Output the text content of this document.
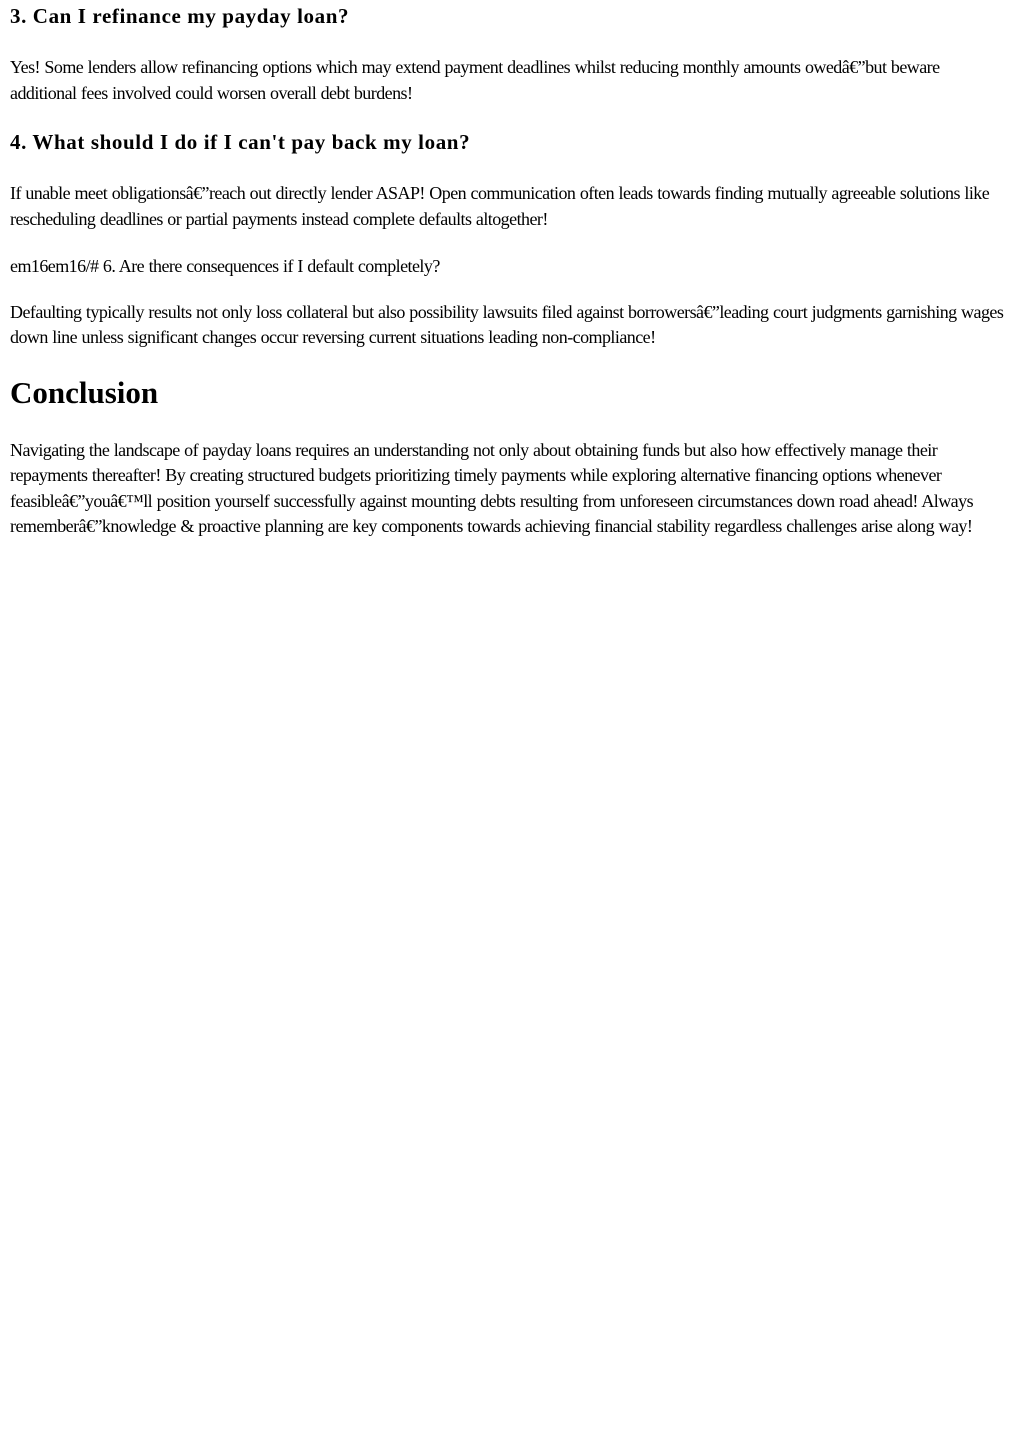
3. Can I refinance my payday loan?

Yes! Some lenders allow refinancing options which may extend payment deadlines whilst reducing monthly amounts owedâ€”but beware additional fees involved could worsen overall debt burdens!

4. What should I do if I can't pay back my loan?

If unable meet obligationsâ€”reach out directly lender ASAP! Open communication often leads towards finding mutually agreeable solutions like rescheduling deadlines or partial payments instead complete defaults altogether!

em16em16/# 6. Are there consequences if I default completely?

Defaulting typically results not only loss collateral but also possibility lawsuits filed against borrowersâ€”leading court judgments garnishing wages down line unless significant changes occur reversing current situations leading non-compliance!

Conclusion

Navigating the landscape of payday loans requires an understanding not only about obtaining funds but also how effectively manage their repayments thereafter! By creating structured budgets prioritizing timely payments while exploring alternative financing options whenever feasibleâ€”youâ€™ll position yourself successfully against mounting debts resulting from unforeseen circumstances down road ahead! Always rememberâ€”knowledge & proactive planning are key components towards achieving financial stability regardless challenges arise along way!
